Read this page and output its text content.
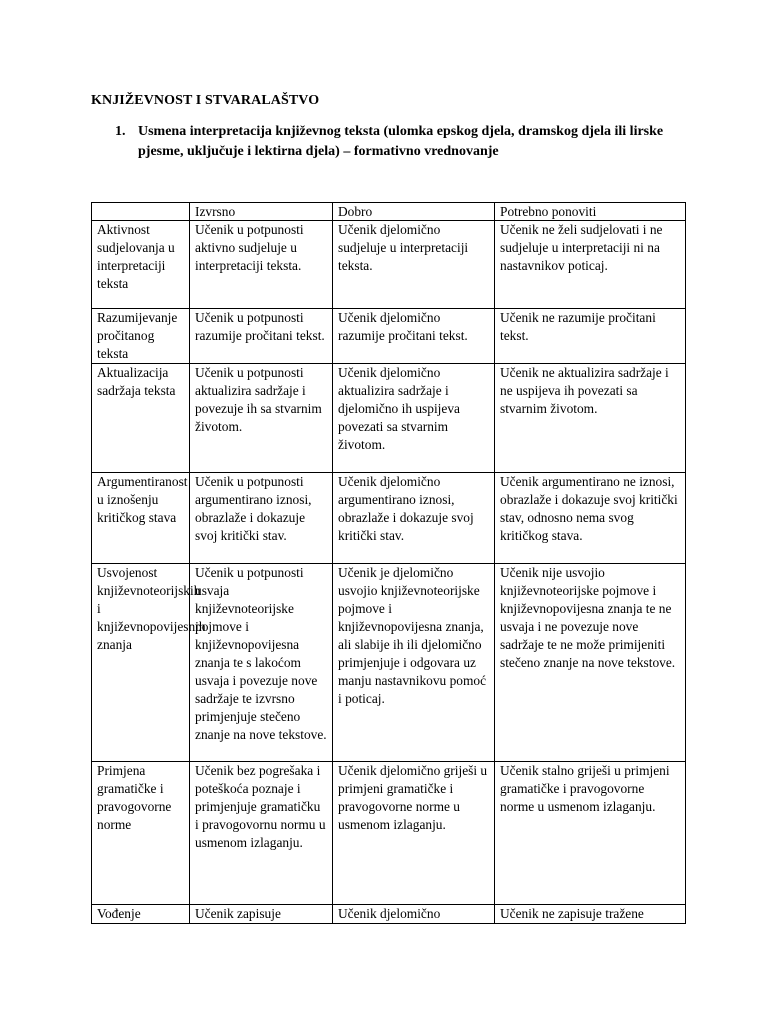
KNJIŽEVNOST I STVARALAŠTVO
1. Usmena interpretacija književnog teksta (ulomka epskog djela, dramskog djela ili lirske pjesme, uključuje i lektirna djela) – formativno vrednovanje
	Izvrsno	Dobro	Potrebno ponoviti
Aktivnost sudjelovanja u interpretaciji teksta	Učenik u potpunosti aktivno sudjeluje u interpretaciji teksta.	Učenik djelomično sudjeluje u interpretaciji teksta.	Učenik ne želi sudjelovati i ne sudjeluje u interpretaciji ni na nastavnikov poticaj.
Razumijevanje pročitanog teksta	Učenik u potpunosti razumije pročitani tekst.	Učenik djelomično razumije pročitani tekst.	Učenik ne razumije pročitani tekst.
Aktualizacija sadržaja teksta	Učenik u potpunosti aktualizira sadržaje i povezuje ih sa stvarnim životom.	Učenik djelomično aktualizira sadržaje i djelomično ih uspijeva povezati sa stvarnim životom.	Učenik ne aktualizira sadržaje i ne uspijeva ih povezati sa stvarnim životom.
Argumentiranost u iznošenju kritičkog stava	Učenik u potpunosti argumentirano iznosi, obrazlaže i dokazuje svoj kritički stav.	Učenik djelomično argumentirano iznosi, obrazlaže i dokazuje svoj kritički stav.	Učenik argumentirano ne iznosi, obrazlaže i dokazuje svoj kritički stav, odnosno nema svog kritičkog stava.
Usvojenost književnoteorijskih i književnopovijesnih znanja	Učenik u potpunosti usvaja književnoteorijske pojmove i književnopovijesna znanja te s lakoćom usvaja i povezuje nove sadržaje te izvrsno primjenjuje stečeno znanje na nove tekstove.	Učenik je djelomično usvojio književnoteorijske pojmove i književnopovijesna znanja, ali slabije ih ili djelomično primjenjuje i odgovara uz manju nastavnikovu pomoć i poticaj.	Učenik nije usvojio književnoteorijske pojmove i književnopovijesna znanja te ne usvaja i ne povezuje nove sadržaje te ne može primijeniti stečeno znanje na nove tekstove.
Primjena gramatičke i pravogovorne norme	Učenik bez pogrešaka i poteškoća poznaje i primjenjuje gramatičku i pravogovornu normu u usmenom izlaganju.	Učenik djelomično griješi u primjeni gramatičke i pravogovorne norme u usmenom izlaganju.	Učenik stalno griješi u primjeni gramatičke i pravogovorne norme u usmenom izlaganju.
Vođenje	Učenik zapisuje	Učenik djelomično	Učenik ne zapisuje tražene
